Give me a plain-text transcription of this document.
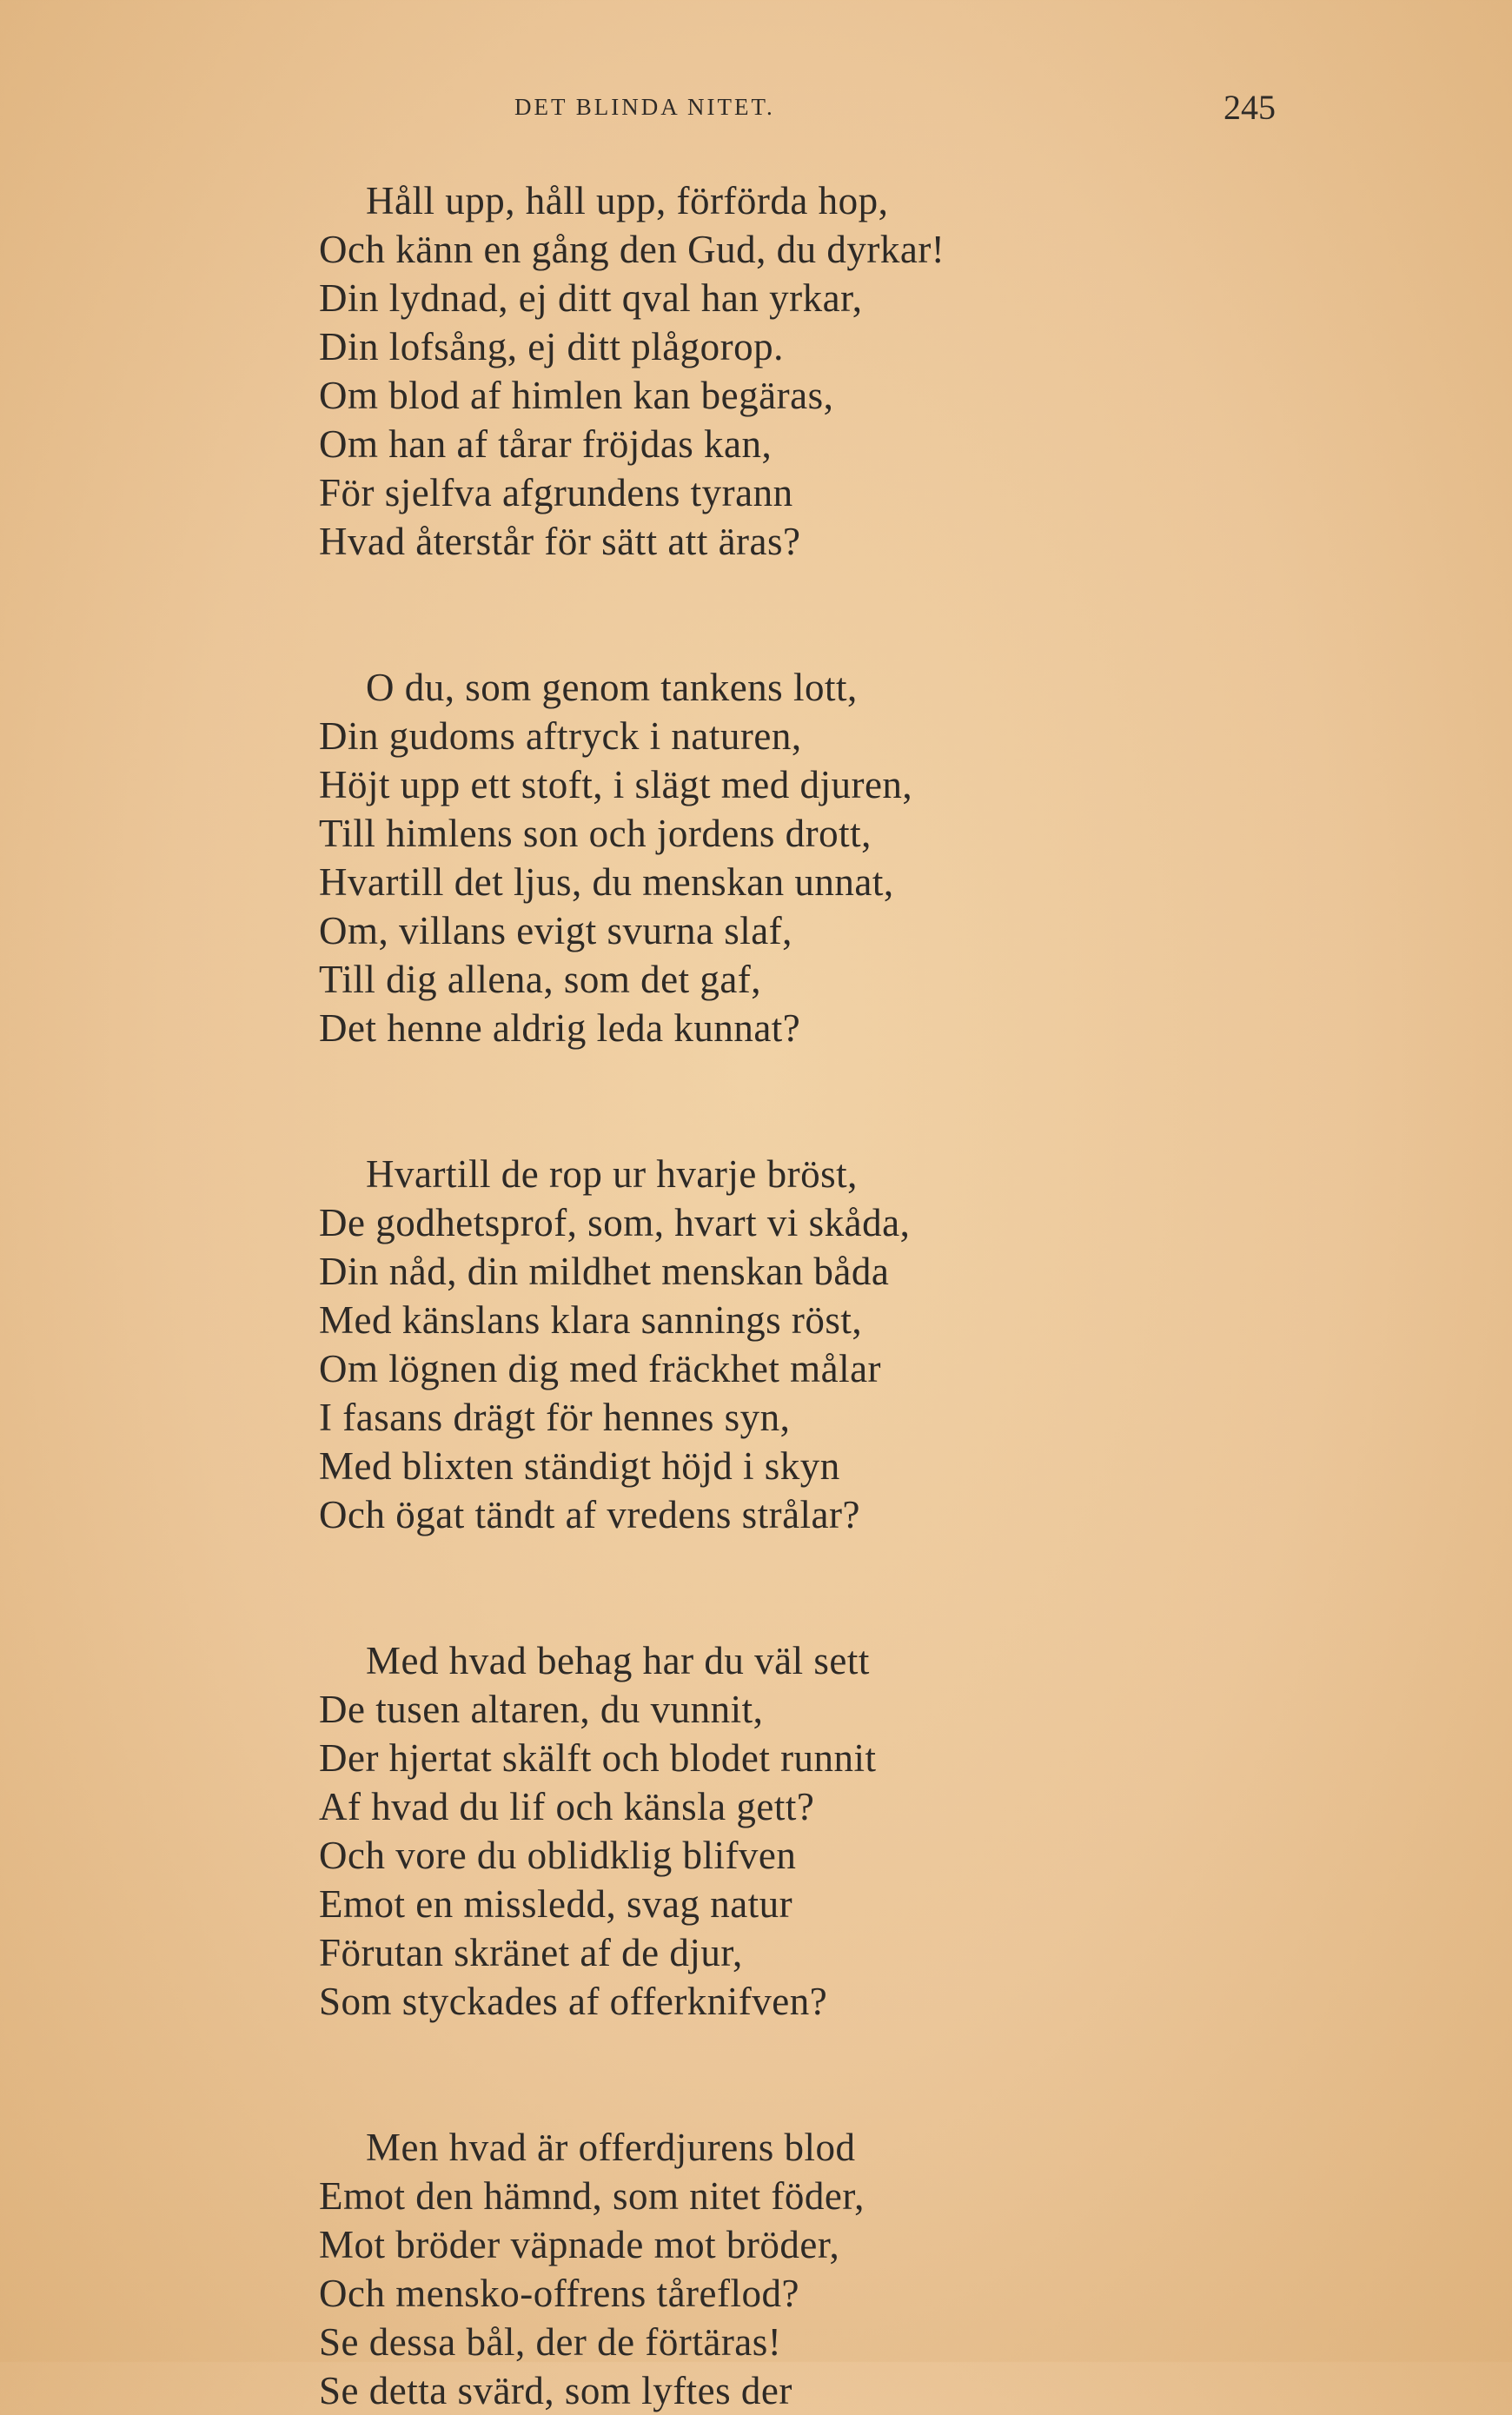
DET BLINDA NITET.	245
Håll upp, håll upp, förförda hop,
Och känn en gång den Gud, du dyrkar!
Din lydnad, ej ditt qval han yrkar,
Din lofsång, ej ditt plågorop.
Om blod af himlen kan begäras,
Om han af tårar fröjdas kan,
För sjelfva afgrundens tyrann
Hvad återstår för sätt att äras?
O du, som genom tankens lott,
Din gudoms aftryck i naturen,
Höjt upp ett stoft, i slägt med djuren,
Till himlens son och jordens drott,
Hvartill det ljus, du menskan unnat,
Om, villans evigt svurna slaf,
Till dig allena, som det gaf,
Det henne aldrig leda kunnat?
Hvartill de rop ur hvarje bröst,
De godhetsprof, som, hvart vi skåda,
Din nåd, din mildhet menskan båda
Med känslans klara sannings röst,
Om lögnen dig med fräckhet målar
I fasans drägt för hennes syn,
Med blixten ständigt höjd i skyn
Och ögat tändt af vredens strålar?
Med hvad behag har du väl sett
De tusen altaren, du vunnit,
Der hjertat skälft och blodet runnit
Af hvad du lif och känsla gett?
Och vore du oblidklig blifven
Emot en missledd, svag natur
Förutan skränet af de djur,
Som styckades af offerknifven?
Men hvad är offerdjurens blod
Emot den hämnd, som nitet föder,
Mot bröder väpnade mot bröder,
Och mensko-offrens tåreflod?
Se dessa bål, der de förtäras!
Se detta svärd, som lyftes der
